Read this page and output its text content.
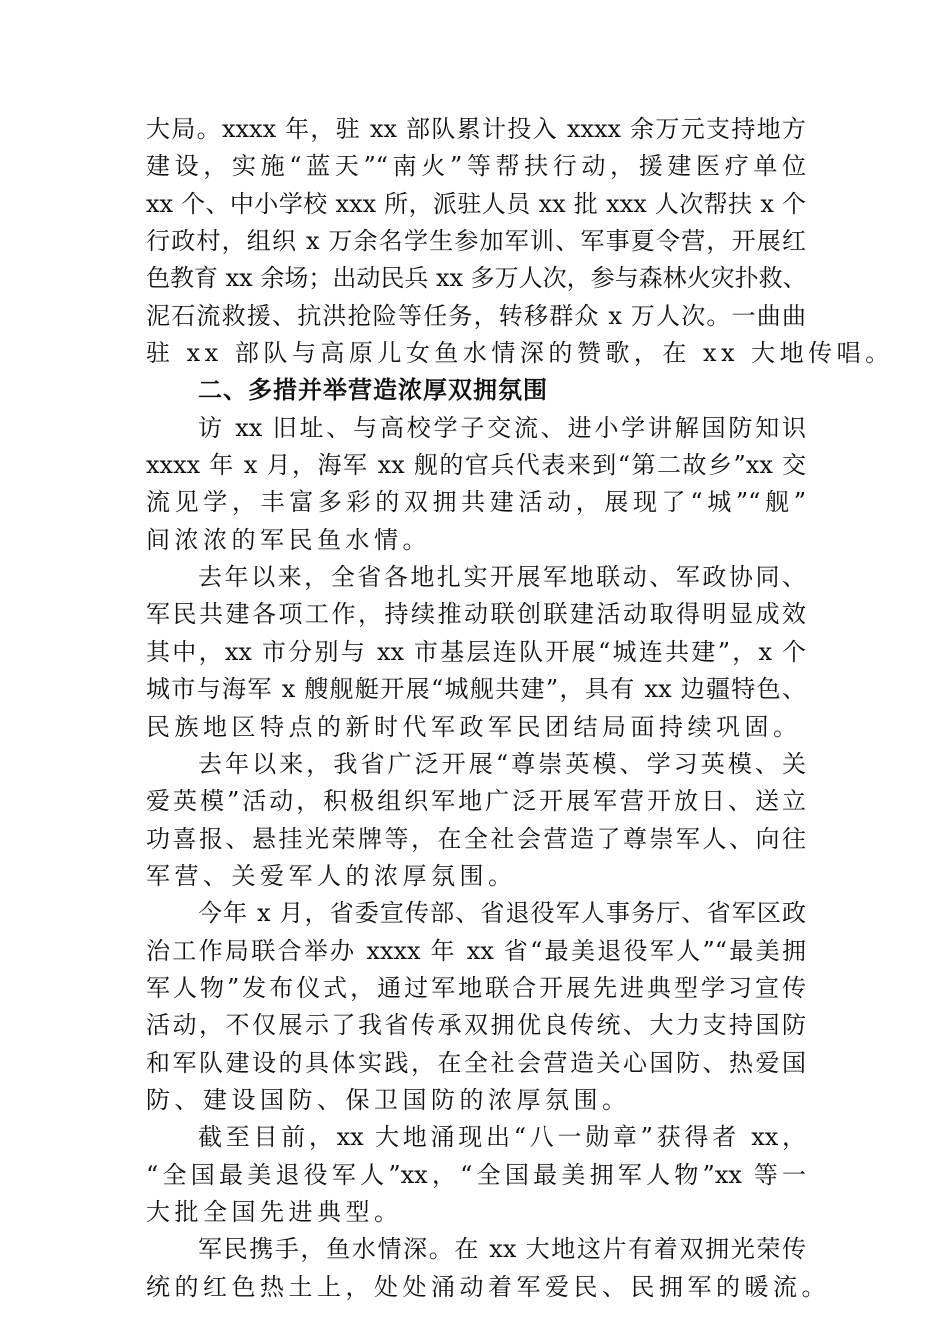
大局。xxxx 年，驻 xx 部队累计投入 xxxx 余万元支持地方
建设，实施“蓝天”“南火”等帮扶行动，援建医疗单位
xx 个、中小学校 xxx 所，派驻人员 xx 批 xxx 人次帮扶 x 个
行政村，组织 x 万余名学生参加军训、军事夏令营，开展红
色教育 xx 余场；出动民兵 xx 多万人次，参与森林火灾扑救、
泥石流救援、抗洪抢险等任务，转移群众 x 万人次。一曲曲
驻 xx 部队与高原儿女鱼水情深的赞歌，在 xx 大地传唱。
二、多措并举营造浓厚双拥氛围
访 xx 旧址、与高校学子交流、进小学讲解国防知识
xxxx 年 x 月，海军 xx 舰的官兵代表来到“第二故乡”xx 交
流见学，丰富多彩的双拥共建活动，展现了“城”“舰”
间浓浓的军民鱼水情。
去年以来，全省各地扎实开展军地联动、军政协同、
军民共建各项工作，持续推动联创联建活动取得明显成效
其中，xx 市分别与 xx 市基层连队开展“城连共建”，x 个
城市与海军 x 艘舰艇开展“城舰共建”，具有 xx 边疆特色、
民族地区特点的新时代军政军民团结局面持续巩固。
去年以来，我省广泛开展“尊崇英模、学习英模、关
爱英模”活动，积极组织军地广泛开展军营开放日、送立
功喜报、悬挂光荣牌等，在全社会营造了尊崇军人、向往
军营、关爱军人的浓厚氛围。
今年 x 月，省委宣传部、省退役军人事务厅、省军区政
治工作局联合举办 xxxx 年 xx 省“最美退役军人”“最美拥
军人物”发布仪式，通过军地联合开展先进典型学习宣传
活动，不仅展示了我省传承双拥优良传统、大力支持国防
和军队建设的具体实践，在全社会营造关心国防、热爱国
防、建设国防、保卫国防的浓厚氛围。
截至目前，xx 大地涌现出“八一勋章”获得者 xx，
“全国最美退役军人”xx，“全国最美拥军人物”xx 等一
大批全国先进典型。
军民携手，鱼水情深。在 xx 大地这片有着双拥光荣传
统的红色热土上，处处涌动着军爱民、民拥军的暖流。
